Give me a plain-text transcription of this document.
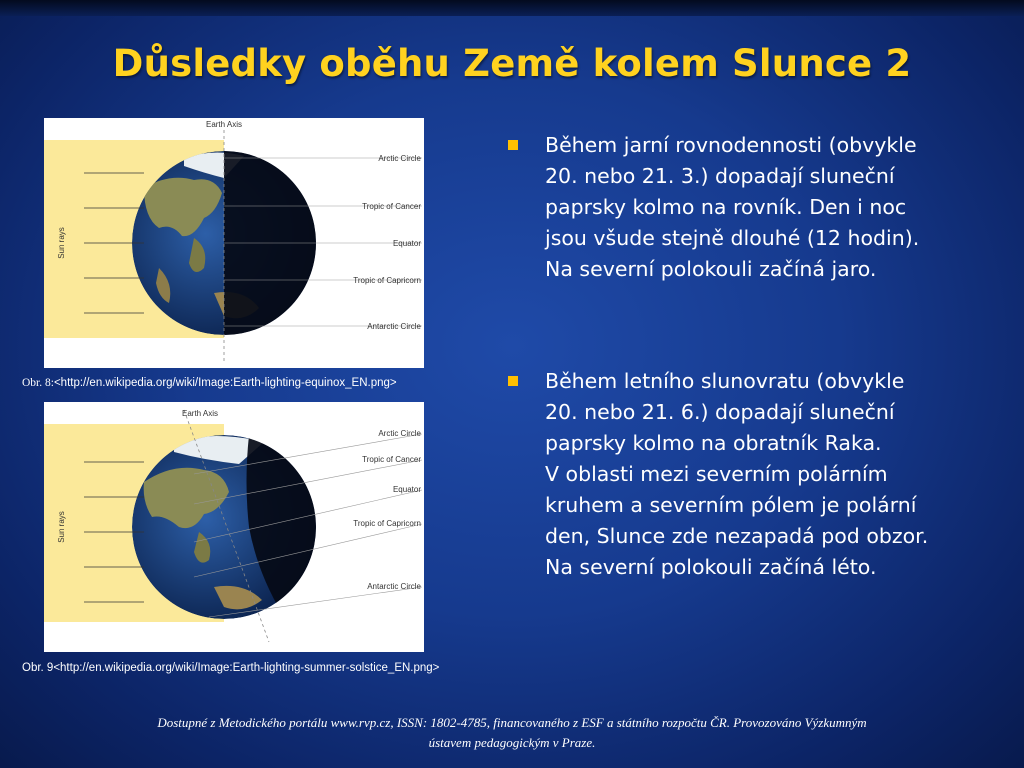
Důsledky oběhu Země kolem Slunce 2
Earth Axis
Sun rays
Arctic Circle
Tropic of Cancer
Equator
Tropic of Capricorn
Antarctic Circle
Obr. 8:<http://en.wikipedia.org/wiki/Image:Earth-lighting-equinox_EN.png>
Earth Axis
Sun rays
Arctic Circle
Tropic of Cancer
Equator
Tropic of Capricorn
Antarctic Circle
Obr. 9<http://en.wikipedia.org/wiki/Image:Earth-lighting-summer-solstice_EN.png>
Během jarní rovnodennosti (obvykle
20. nebo 21. 3.) dopadají sluneční
paprsky kolmo na rovník. Den i noc
jsou všude stejně dlouhé (12 hodin).
Na severní polokouli začíná jaro.
Během letního slunovratu (obvykle
20. nebo 21. 6.) dopadají sluneční
paprsky kolmo na obratník Raka.
V oblasti mezi severním polárním
kruhem a severním pólem je polární
den, Slunce zde nezapadá pod obzor.
Na severní polokouli začíná léto.
Dostupné z Metodického portálu www.rvp.cz, ISSN: 1802-4785, financovaného z ESF a státního rozpočtu ČR. Provozováno Výzkumným
ústavem pedagogickým v Praze.
